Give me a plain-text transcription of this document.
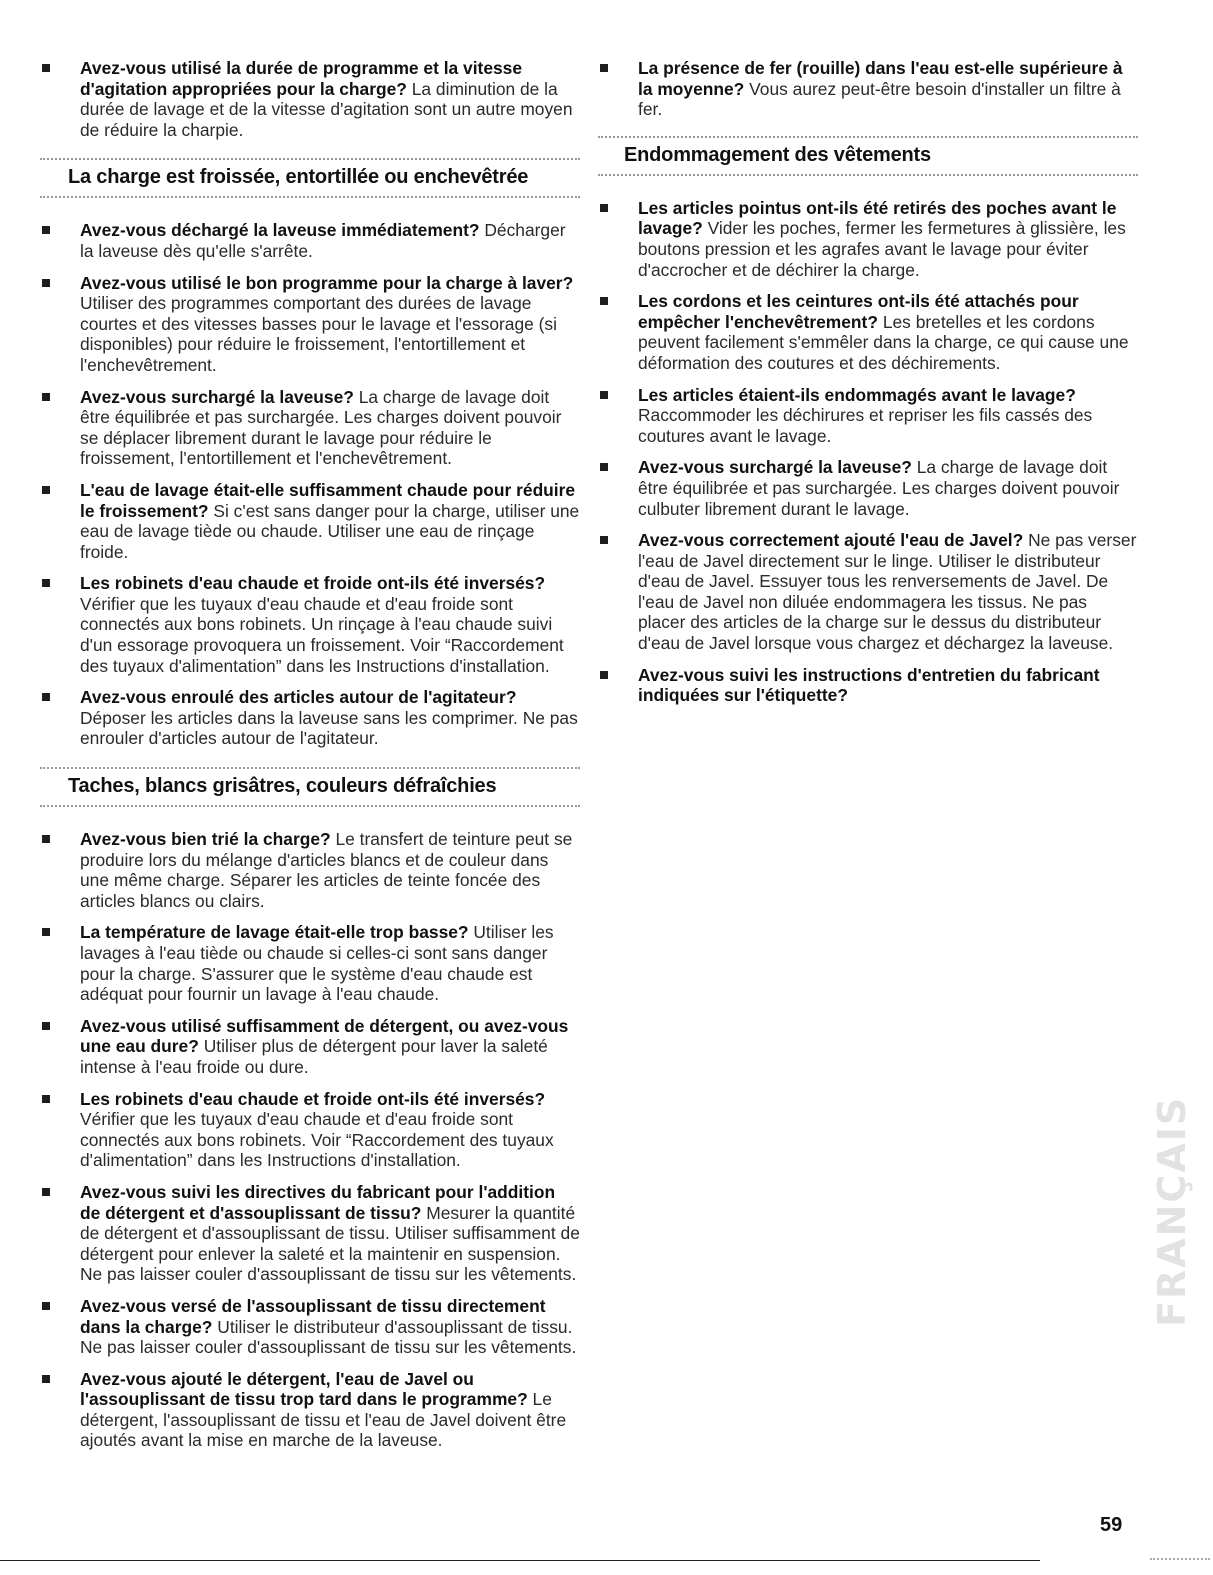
Avez-vous utilisé la durée de programme et la vitesse d'agitation appropriées pour la charge? La diminution de la durée de lavage et de la vitesse d'agitation sont un autre moyen de réduire la charpie.
La charge est froissée, entortillée ou enchevêtrée
Avez-vous déchargé la laveuse immédiatement? Décharger la laveuse dès qu'elle s'arrête.
Avez-vous utilisé le bon programme pour la charge à laver? Utiliser des programmes comportant des durées de lavage courtes et des vitesses basses pour le lavage et l'essorage (si disponibles) pour réduire le froissement, l'entortillement et l'enchevêtrement.
Avez-vous surchargé la laveuse? La charge de lavage doit être équilibrée et pas surchargée. Les charges doivent pouvoir se déplacer librement durant le lavage pour réduire le froissement, l'entortillement et l'enchevêtrement.
L'eau de lavage était-elle suffisamment chaude pour réduire le froissement? Si c'est sans danger pour la charge, utiliser une eau de lavage tiède ou chaude. Utiliser une eau de rinçage froide.
Les robinets d'eau chaude et froide ont-ils été inversés? Vérifier que les tuyaux d'eau chaude et d'eau froide sont connectés aux bons robinets. Un rinçage à l'eau chaude suivi d'un essorage provoquera un froissement. Voir “Raccordement des tuyaux d'alimentation” dans les Instructions d'installation.
Avez-vous enroulé des articles autour de l'agitateur? Déposer les articles dans la laveuse sans les comprimer. Ne pas enrouler d'articles autour de l'agitateur.
Taches, blancs grisâtres, couleurs défraîchies
Avez-vous bien trié la charge? Le transfert de teinture peut se produire lors du mélange d'articles blancs et de couleur dans une même charge. Séparer les articles de teinte foncée des articles blancs ou clairs.
La température de lavage était-elle trop basse? Utiliser les lavages à l'eau tiède ou chaude si celles-ci sont sans danger pour la charge. S'assurer que le système d'eau chaude est adéquat pour fournir un lavage à l'eau chaude.
Avez-vous utilisé suffisamment de détergent, ou avez-vous une eau dure? Utiliser plus de détergent pour laver la saleté intense à l'eau froide ou dure.
Les robinets d'eau chaude et froide ont-ils été inversés? Vérifier que les tuyaux d'eau chaude et d'eau froide sont connectés aux bons robinets. Voir “Raccordement des tuyaux d'alimentation” dans les Instructions d'installation.
Avez-vous suivi les directives du fabricant pour l'addition de détergent et d'assouplissant de tissu? Mesurer la quantité de détergent et d'assouplissant de tissu. Utiliser suffisamment de détergent pour enlever la saleté et la maintenir en suspension. Ne pas laisser couler d'assouplissant de tissu sur les vêtements.
Avez-vous versé de l'assouplissant de tissu directement dans la charge? Utiliser le distributeur d'assouplissant de tissu. Ne pas laisser couler d'assouplissant de tissu sur les vêtements.
Avez-vous ajouté le détergent, l'eau de Javel ou l'assouplissant de tissu trop tard dans le programme? Le détergent, l'assouplissant de tissu et l'eau de Javel doivent être ajoutés avant la mise en marche de la laveuse.
La présence de fer (rouille) dans l'eau est-elle supérieure à la moyenne? Vous aurez peut-être besoin d'installer un filtre à fer.
Endommagement des vêtements
Les articles pointus ont-ils été retirés des poches avant le lavage? Vider les poches, fermer les fermetures à glissière, les boutons pression et les agrafes avant le lavage pour éviter d'accrocher et de déchirer la charge.
Les cordons et les ceintures ont-ils été attachés pour empêcher l'enchevêtrement? Les bretelles et les cordons peuvent facilement s'emmêler dans la charge, ce qui cause une déformation des coutures et des déchirements.
Les articles étaient-ils endommagés avant le lavage? Raccommoder les déchirures et repriser les fils cassés des coutures avant le lavage.
Avez-vous surchargé la laveuse? La charge de lavage doit être équilibrée et pas surchargée. Les charges doivent pouvoir culbuter librement durant le lavage.
Avez-vous correctement ajouté l'eau de Javel? Ne pas verser l'eau de Javel directement sur le linge. Utiliser le distributeur d'eau de Javel. Essuyer tous les renversements de Javel. De l'eau de Javel non diluée endommagera les tissus. Ne pas placer des articles de la charge sur le dessus du distributeur d'eau de Javel lorsque vous chargez et déchargez la laveuse.
Avez-vous suivi les instructions d'entretien du fabricant indiquées sur l'étiquette?
FRANÇAIS
59
